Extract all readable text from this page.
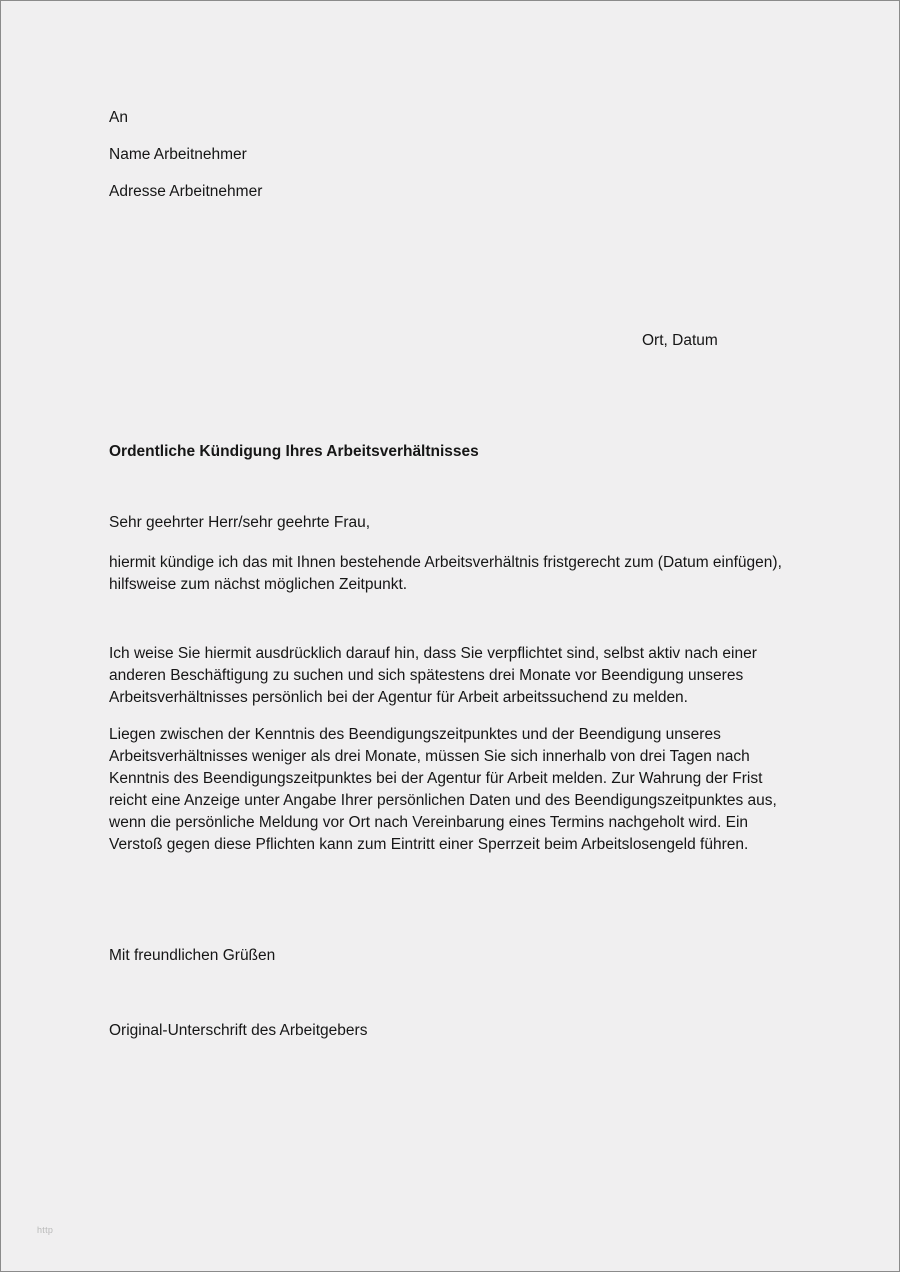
An
Name Arbeitnehmer
Adresse Arbeitnehmer
Ort, Datum
Ordentliche Kündigung Ihres Arbeitsverhältnisses
Sehr geehrter Herr/sehr geehrte Frau,

hiermit kündige ich das mit Ihnen bestehende Arbeitsverhältnis fristgerecht zum (Datum einfügen), hilfsweise zum nächst möglichen Zeitpunkt.

Ich weise Sie hiermit ausdrücklich darauf hin, dass Sie verpflichtet sind, selbst aktiv nach einer anderen Beschäftigung zu suchen und sich spätestens drei Monate vor Beendigung unseres Arbeitsverhältnisses persönlich bei der Agentur für Arbeit arbeitssuchend zu melden.

Liegen zwischen der Kenntnis des Beendigungszeitpunktes und der Beendigung unseres Arbeitsverhältnisses weniger als drei Monate, müssen Sie sich innerhalb von drei Tagen nach Kenntnis des Beendigungszeitpunktes bei der Agentur für Arbeit melden. Zur Wahrung der Frist reicht eine Anzeige unter Angabe Ihrer persönlichen Daten und des Beendigungszeitpunktes aus, wenn die persönliche Meldung vor Ort nach Vereinbarung eines Termins nachgeholt wird. Ein Verstoß gegen diese Pflichten kann zum Eintritt einer Sperrzeit beim Arbeitslosengeld führen.

Mit freundlichen Grüßen
Original-Unterschrift des Arbeitgebers
http
